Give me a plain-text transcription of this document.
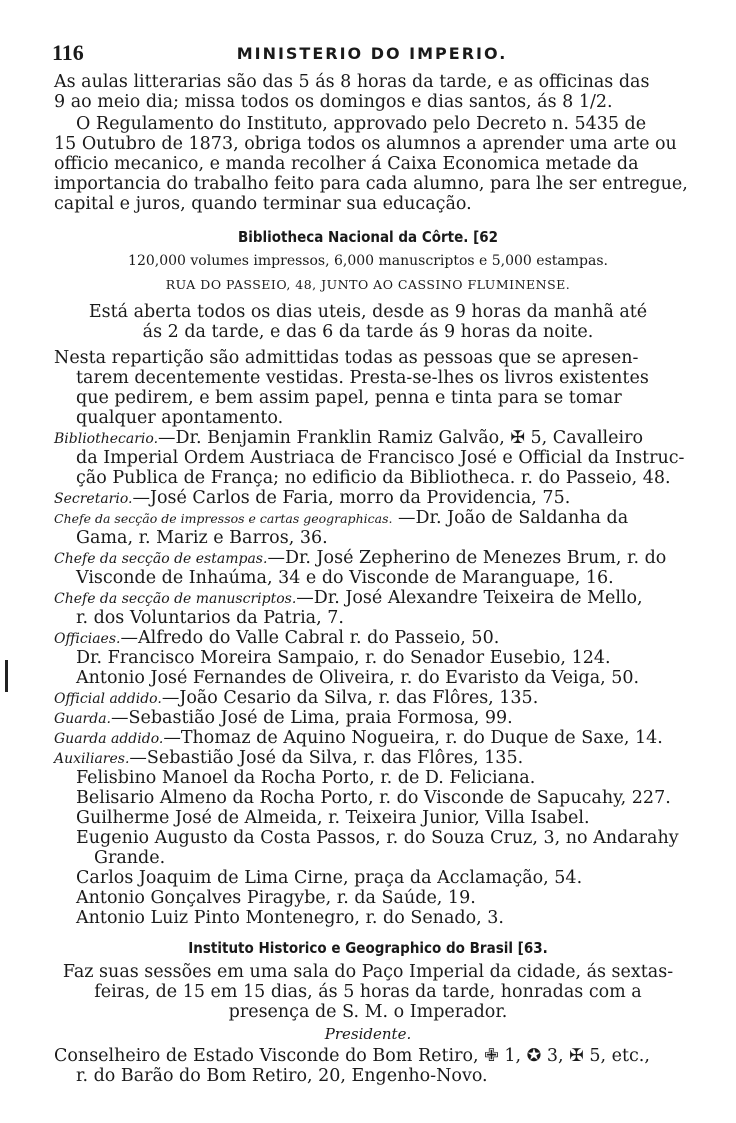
116	MINISTERIO DO IMPERIO.
As aulas litterarias são das 5 ás 8 horas da tarde, e as officinas das
9 ao meio dia; missa todos os domingos e dias santos, ás 8 1/2.
O Regulamento do Instituto, approvado pelo Decreto n. 5435 de
15 Outubro de 1873, obriga todos os alumnos a aprender uma arte ou
officio mecanico, e manda recolher á Caixa Economica metade da
importancia do trabalho feito para cada alumno, para lhe ser entregue,
capital e juros, quando terminar sua educação.
Bibliotheca Nacional da Côrte. [62
120,000 volumes impressos, 6,000 manuscriptos e 5,000 estampas.
RUA DO PASSEIO, 48, JUNTO AO CASSINO FLUMINENSE.
Está aberta todos os dias uteis, desde as 9 horas da manhã até
ás 2 da tarde, e das 6 da tarde ás 9 horas da noite.
Nesta repartição são admittidas todas as pessoas que se apresen-
tarem decentemente vestidas. Presta-se-lhes os livros existentes
que pedirem, e bem assim papel, penna e tinta para se tomar
qualquer apontamento.
Bibliothecario.—Dr. Benjamin Franklin Ramiz Galvão, ✠ 5, Cavalleiro
da Imperial Ordem Austriaca de Francisco José e Official da Instruc-
ção Publica de França; no edificio da Bibliotheca. r. do Passeio, 48.
Secretario.—José Carlos de Faria, morro da Providencia, 75.
Chefe da secção de impressos e cartas geographicas. —Dr. João de Saldanha da
Gama, r. Mariz e Barros, 36.
Chefe da secção de estampas.—Dr. José Zepherino de Menezes Brum, r. do
Visconde de Inhaúma, 34 e do Visconde de Maranguape, 16.
Chefe da secção de manuscriptos.—Dr. José Alexandre Teixeira de Mello,
r. dos Voluntarios da Patria, 7.
Officiaes.—Alfredo do Valle Cabral r. do Passeio, 50.
Dr. Francisco Moreira Sampaio, r. do Senador Eusebio, 124.
Antonio José Fernandes de Oliveira, r. do Evaristo da Veiga, 50.
Official addido.—João Cesario da Silva, r. das Flôres, 135.
Guarda.—Sebastião José de Lima, praia Formosa, 99.
Guarda addido.—Thomaz de Aquino Nogueira, r. do Duque de Saxe, 14.
Auxiliares.—Sebastião José da Silva, r. das Flôres, 135.
Felisbino Manoel da Rocha Porto, r. de D. Feliciana.
Belisario Almeno da Rocha Porto, r. do Visconde de Sapucahy, 227.
Guilherme José de Almeida, r. Teixeira Junior, Villa Isabel.
Eugenio Augusto da Costa Passos, r. do Souza Cruz, 3, no Andarahy
Grande.
Carlos Joaquim de Lima Cirne, praça da Acclamação, 54.
Antonio Gonçalves Piragybe, r. da Saúde, 19.
Antonio Luiz Pinto Montenegro, r. do Senado, 3.
Instituto Historico e Geographico do Brasil [63.
Faz suas sessões em uma sala do Paço Imperial da cidade, ás sextas-
feiras, de 15 em 15 dias, ás 5 horas da tarde, honradas com a
presença de S. M. o Imperador.
Presidente.
Conselheiro de Estado Visconde do Bom Retiro, ✙ 1, ✪ 3, ✠ 5, etc.,
r. do Barão do Bom Retiro, 20, Engenho-Novo.
